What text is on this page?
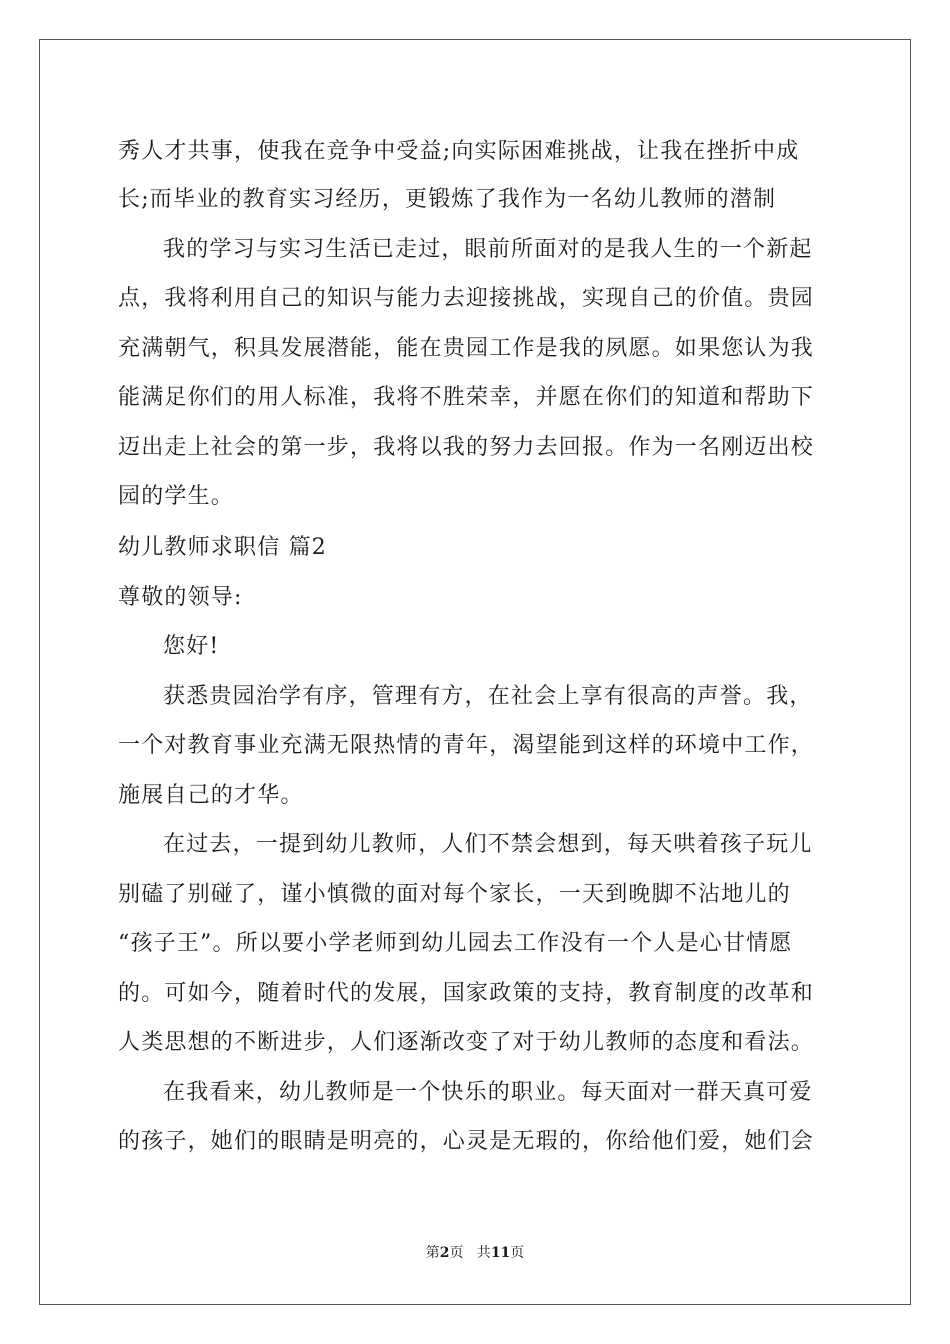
秀人才共事，使我在竞争中受益;向实际困难挑战，让我在挫折中成
长;而毕业的教育实习经历，更锻炼了我作为一名幼儿教师的潜制
我的学习与实习生活已走过，眼前所面对的是我人生的一个新起
点，我将利用自己的知识与能力去迎接挑战，实现自己的价值。贵园
充满朝气，积具发展潜能，能在贵园工作是我的夙愿。如果您认为我
能满足你们的用人标准，我将不胜荣幸，并愿在你们的知道和帮助下
迈出走上社会的第一步，我将以我的努力去回报。作为一名刚迈出校
园的学生。
幼儿教师求职信 篇2
尊敬的领导:
您好!
获悉贵园治学有序，管理有方，在社会上享有很高的声誉。我，
一个对教育事业充满无限热情的青年，渴望能到这样的环境中工作，
施展自己的才华。
在过去，一提到幼儿教师，人们不禁会想到，每天哄着孩子玩儿
别磕了别碰了，谨小慎微的面对每个家长，一天到晚脚不沾地儿的
“孩子王”。所以要小学老师到幼儿园去工作没有一个人是心甘情愿
的。可如今，随着时代的发展，国家政策的支持，教育制度的改革和
人类思想的不断进步，人们逐渐改变了对于幼儿教师的态度和看法。
在我看来，幼儿教师是一个快乐的职业。每天面对一群天真可爱
的孩子，她们的眼睛是明亮的，心灵是无瑕的，你给他们爱，她们会
第2页   共11页
